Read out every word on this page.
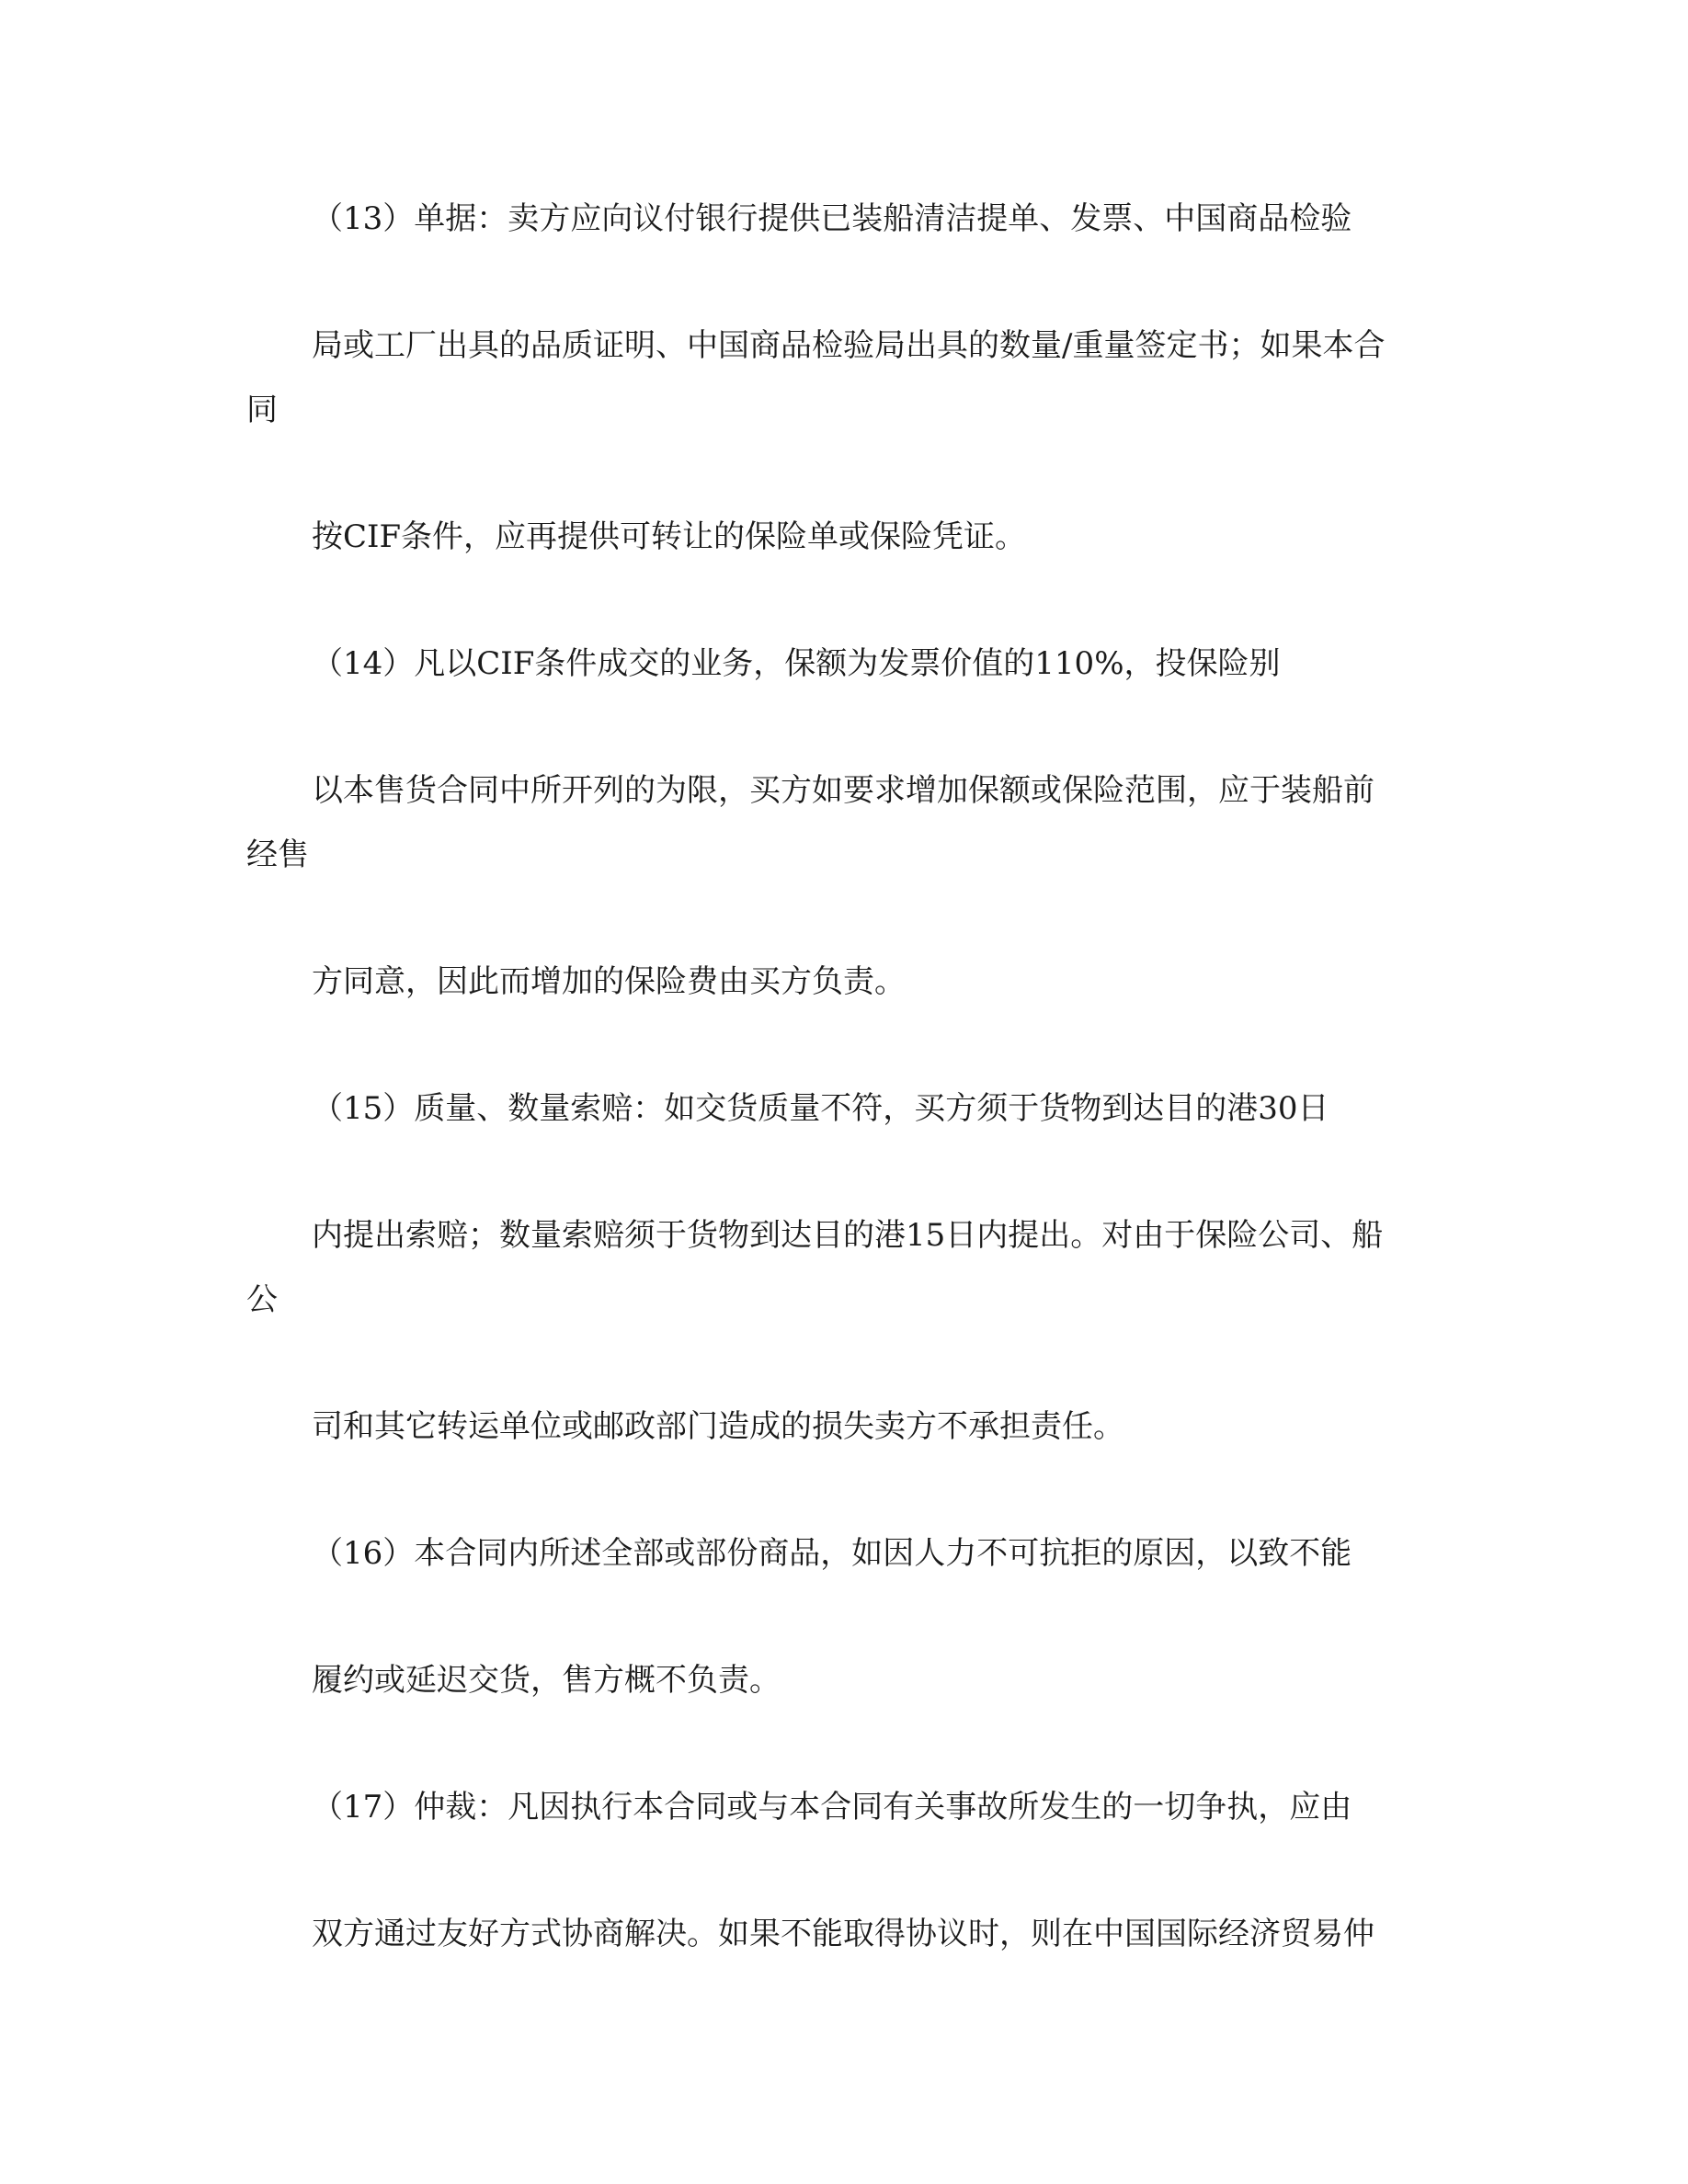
（13）单据：卖方应向议付银行提供已装船清洁提单、发票、中国商品检验

局或工厂出具的品质证明、中国商品检验局出具的数量/重量签定书；如果本合

同

按CIF条件，应再提供可转让的保险单或保险凭证。

（14）凡以CIF条件成交的业务，保额为发票价值的110%，投保险别

以本售货合同中所开列的为限，买方如要求增加保额或保险范围，应于装船前

经售

方同意，因此而增加的保险费由买方负责。

（15）质量、数量索赔：如交货质量不符，买方须于货物到达目的港30日

内提出索赔；数量索赔须于货物到达目的港15日内提出。对由于保险公司、船

公

司和其它转运单位或邮政部门造成的损失卖方不承担责任。

（16）本合同内所述全部或部份商品，如因人力不可抗拒的原因，以致不能

履约或延迟交货，售方概不负责。

（17）仲裁：凡因执行本合同或与本合同有关事故所发生的一切争执，应由

双方通过友好方式协商解决。如果不能取得协议时，则在中国国际经济贸易仲
